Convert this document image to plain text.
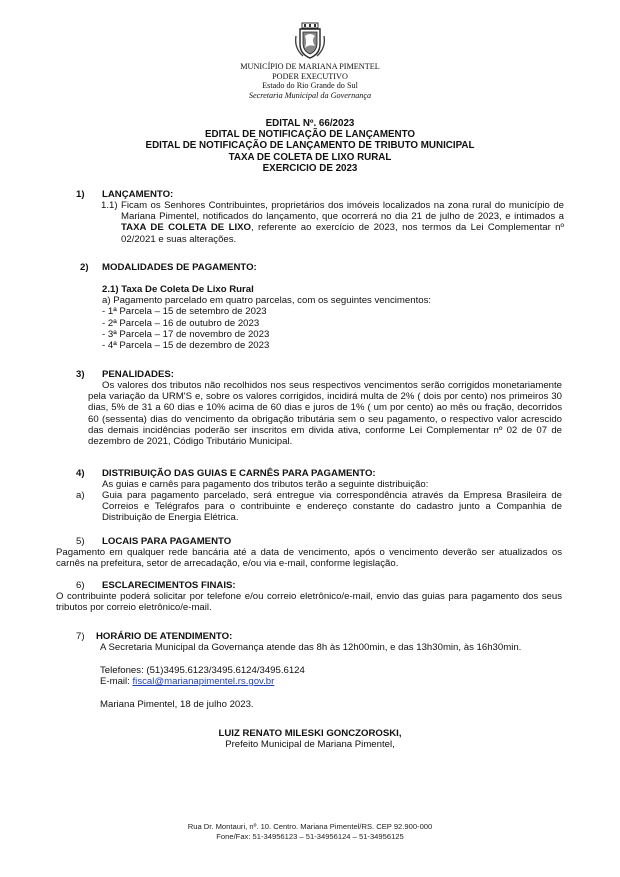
MUNICÍPIO DE MARIANA PIMENTEL
PODER EXECUTIVO
Estado do Rio Grande do Sul
Secretaria Municipal da Governança
EDITAL Nº. 66/2023
EDITAL DE NOTIFICAÇÃO DE LANÇAMENTO
EDITAL DE NOTIFICAÇÃO DE LANÇAMENTO DE TRIBUTO MUNICIPAL
TAXA DE COLETA DE LIXO RURAL
EXERCICIO DE 2023
1) LANÇAMENTO:
1.1) Ficam os Senhores Contribuintes, proprietários dos imóveis localizados na zona rural do município de Mariana Pimentel, notificados do lançamento, que ocorrerá no dia 21 de julho de 2023, e intimados a TAXA DE COLETA DE LIXO, referente ao exercício de 2023, nos termos da Lei Complementar nº 02/2021 e suas alterações.
2) MODALIDADES DE PAGAMENTO:
2.1) Taxa De Coleta De Lixo Rural
a) Pagamento parcelado em quatro parcelas, com os seguintes vencimentos:
- 1ª Parcela – 15 de setembro de 2023
- 2ª Parcela – 16 de outubro de 2023
- 3ª Parcela – 17 de novembro de 2023
- 4ª Parcela – 15 de dezembro de 2023
3) PENALIDADES:
Os valores dos tributos não recolhidos nos seus respectivos vencimentos serão corrigidos monetariamente pela variação da URM'S e, sobre os valores corrigidos, incidirá multa de 2% ( dois por cento) nos primeiros 30 dias, 5% de 31 a 60 dias e 10% acima de 60 dias e juros de 1% ( um por cento) ao mês ou fração, decorridos 60 (sessenta) dias do vencimento da obrigação tributária sem o seu pagamento, o respectivo valor acrescido das demais incidências poderão ser inscritos em divida ativa, conforme Lei Complementar nº 02 de 07 de dezembro de 2021, Código Tributário Municipal.
4) DISTRIBUIÇÃO DAS GUIAS E CARNÊS PARA PAGAMENTO:
As guias e carnês para pagamento dos tributos terão a seguinte distribuição:
a) Guia para pagamento parcelado, será entregue via correspondência através da Empresa Brasileira de Correios e Telégrafos para o contribuinte e endereço constante do cadastro junto a Companhia de Distribuição de Energia Elétrica.
5) LOCAIS PARA PAGAMENTO
Pagamento em qualquer rede bancária até a data de vencimento, após o vencimento deverão ser atualizados os carnês na prefeitura, setor de arrecadação, e/ou via e-mail, conforme legislação.
6) ESCLARECIMENTOS FINAIS:
O contribuinte poderá solicitar por telefone e/ou correio eletrônico/e-mail, envio das guias para pagamento dos seus tributos por correio eletrônico/e-mail.
7) HORÁRIO DE ATENDIMENTO:
A Secretaria Municipal da Governança atende das 8h às 12h00min, e das 13h30min, às 16h30min.
Telefones: (51)3495.6123/3495.6124/3495.6124
E-mail: fiscal@marianapimentel.rs.gov.br
Mariana Pimentel, 18 de julho 2023.
LUIZ RENATO MILESKI GONCZOROSKI,
Prefeito Municipal de Mariana Pimentel,
Rua Dr. Montauri, nº. 10. Centro. Mariana Pimentel/RS. CEP 92.900-000
Fone/Fax: 51-34956123 – 51-34956124 – 51-34956125
